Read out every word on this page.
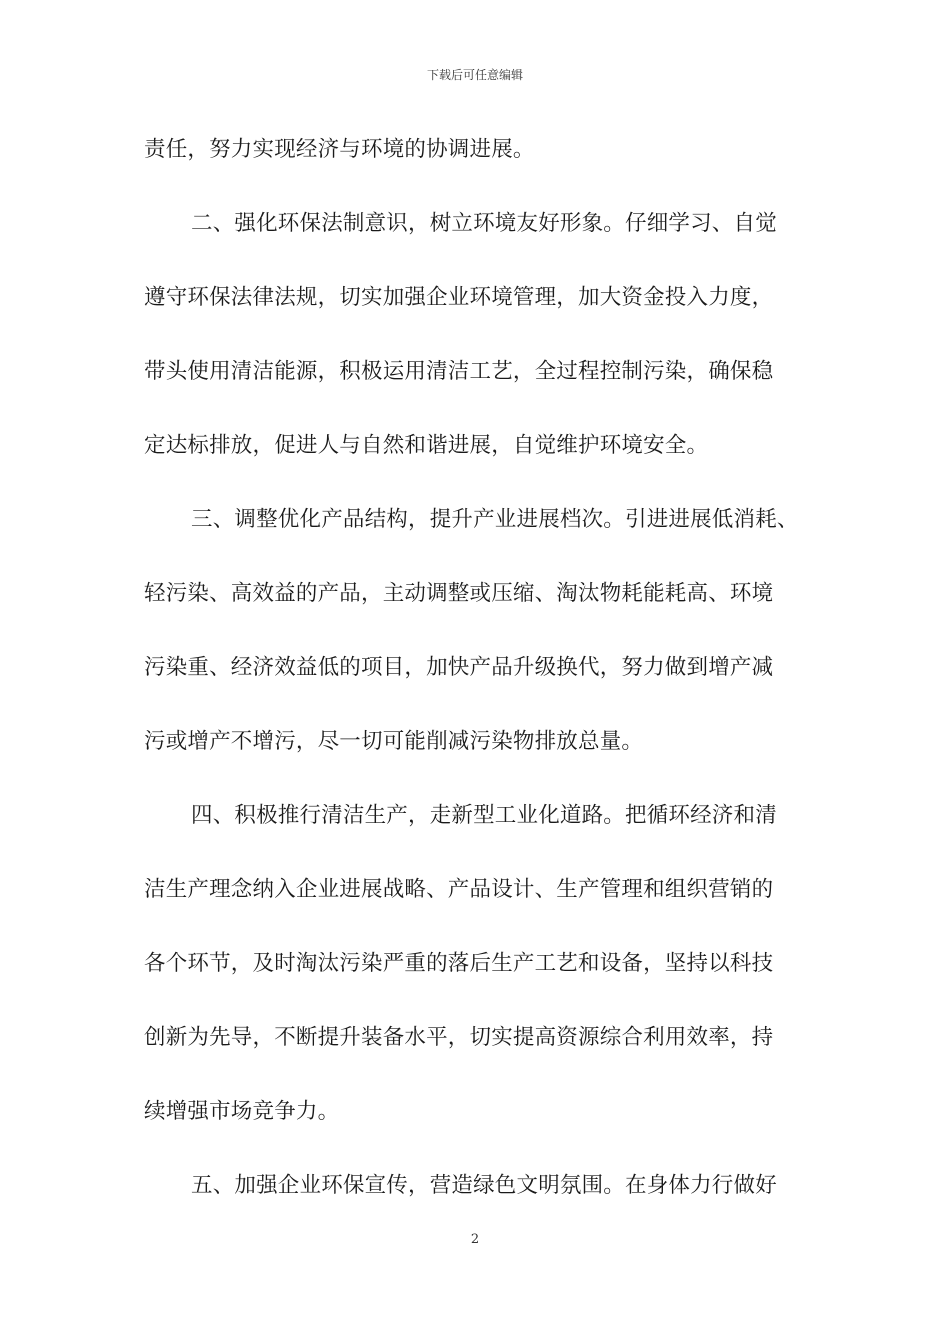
下载后可任意编辑
责任，努力实现经济与环境的协调进展。
二、强化环保法制意识，树立环境友好形象。仔细学习、自觉
遵守环保法律法规，切实加强企业环境管理，加大资金投入力度，
带头使用清洁能源，积极运用清洁工艺，全过程控制污染，确保稳
定达标排放，促进人与自然和谐进展，自觉维护环境安全。
三、调整优化产品结构，提升产业进展档次。引进进展低消耗、
轻污染、高效益的产品，主动调整或压缩、淘汰物耗能耗高、环境
污染重、经济效益低的项目，加快产品升级换代，努力做到增产减
污或增产不增污，尽一切可能削减污染物排放总量。
四、积极推行清洁生产，走新型工业化道路。把循环经济和清
洁生产理念纳入企业进展战略、产品设计、生产管理和组织营销的
各个环节，及时淘汰污染严重的落后生产工艺和设备，坚持以科技
创新为先导，不断提升装备水平，切实提高资源综合利用效率，持
续增强市场竞争力。
五、加强企业环保宣传，营造绿色文明氛围。在身体力行做好
2
